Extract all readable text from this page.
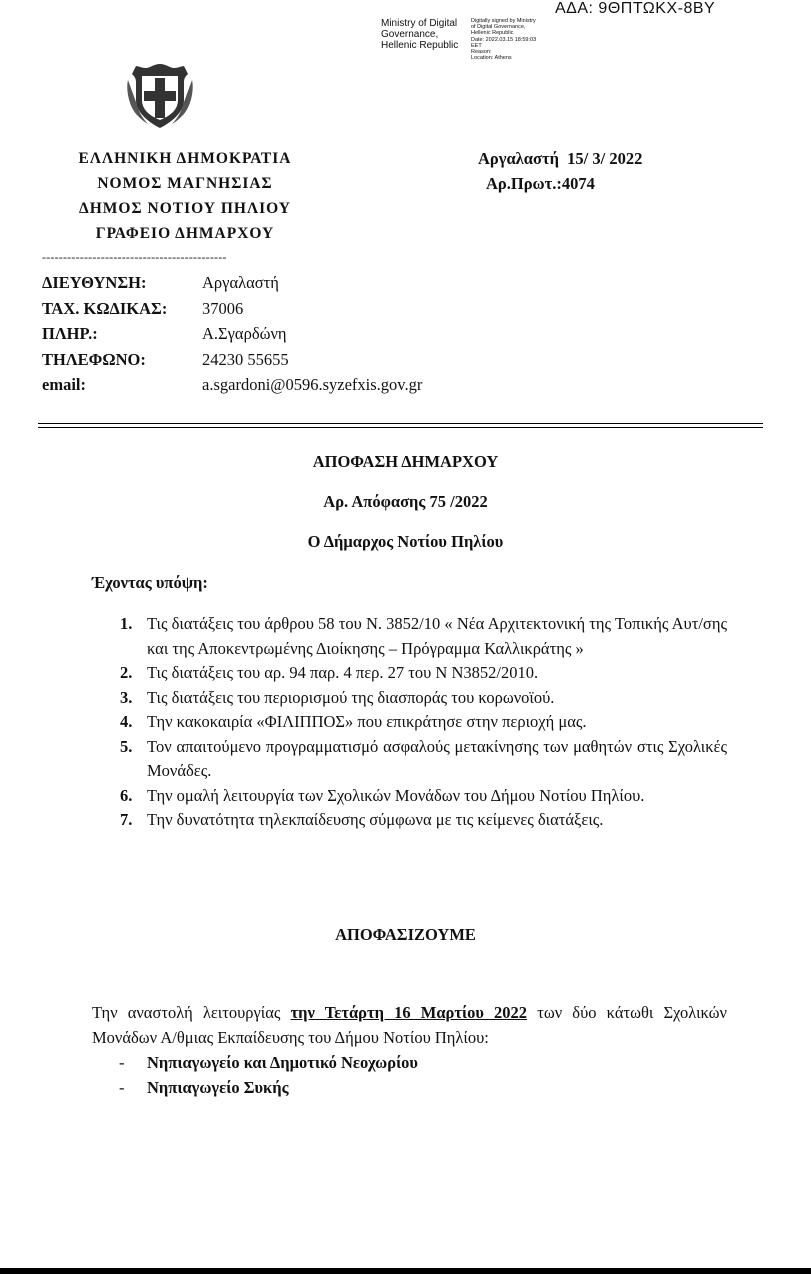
ΑΔΑ: 9ΘΠΤΩΚΧ-8ΒΥ
Ministry of Digital
Governance,
Hellenic Republic
Digitally signed by Ministry
of Digital Governance,
Hellenic Republic
Date: 2022.03.15 18:59:03
EET
Reason:
Location: Athens
ΕΛΛΗΝΙΚΗ ΔΗΜΟΚΡΑΤΙΑ
ΝΟΜΟΣ ΜΑΓΝΗΣΙΑΣ
ΔΗΜΟΣ ΝΟΤΙΟΥ ΠΗΛΙΟΥ
ΓΡΑΦΕΙΟ ΔΗΜΑΡΧΟΥ
--------------------------------------------
Αργαλαστή  15/ 3/ 2022
Αρ.Πρωτ.:4074
ΔΙΕΥΘΥΝΣΗ:	Αργαλαστή
ΤΑΧ. ΚΩΔΙΚΑΣ:	37006
ΠΛΗΡ.:	Α.Σγαρδώνη
ΤΗΛΕΦΩΝΟ:	24230 55655
email:	a.sgardoni@0596.syzefxis.gov.gr
ΑΠΟΦΑΣΗ ΔΗΜΑΡΧΟΥ
Αρ. Απόφασης 75 /2022
Ο Δήμαρχος Νοτίου Πηλίου
Έχοντας υπόψη:
1. Τις διατάξεις του άρθρου 58 του Ν. 3852/10 « Νέα Αρχιτεκτονική της Τοπικής Αυτ/σης και της Αποκεντρωμένης Διοίκησης – Πρόγραμμα Καλλικράτης »
2. Τις διατάξεις του αρ. 94 παρ. 4 περ. 27 του Ν Ν3852/2010.
3. Τις διατάξεις του περιορισμού της διασποράς του κορωνοϊού.
4. Την κακοκαιρία «ΦΙΛΙΠΠΟΣ» που επικράτησε στην περιοχή μας.
5. Τον απαιτούμενο προγραμματισμό ασφαλούς μετακίνησης των μαθητών στις Σχολικές Μονάδες.
6. Την ομαλή λειτουργία των Σχολικών Μονάδων του Δήμου Νοτίου Πηλίου.
7. Την δυνατότητα τηλεκπαίδευσης σύμφωνα με τις κείμενες διατάξεις.
ΑΠΟΦΑΣΙΖΟΥΜΕ
Την αναστολή λειτουργίας την Τετάρτη 16 Μαρτίου 2022 των δύο κάτωθι Σχολικών Μονάδων Α/θμιας Εκπαίδευσης του Δήμου Νοτίου Πηλίου:
-	Νηπιαγωγείο και Δημοτικό Νεοχωρίου
-	Νηπιαγωγείο Συκής
